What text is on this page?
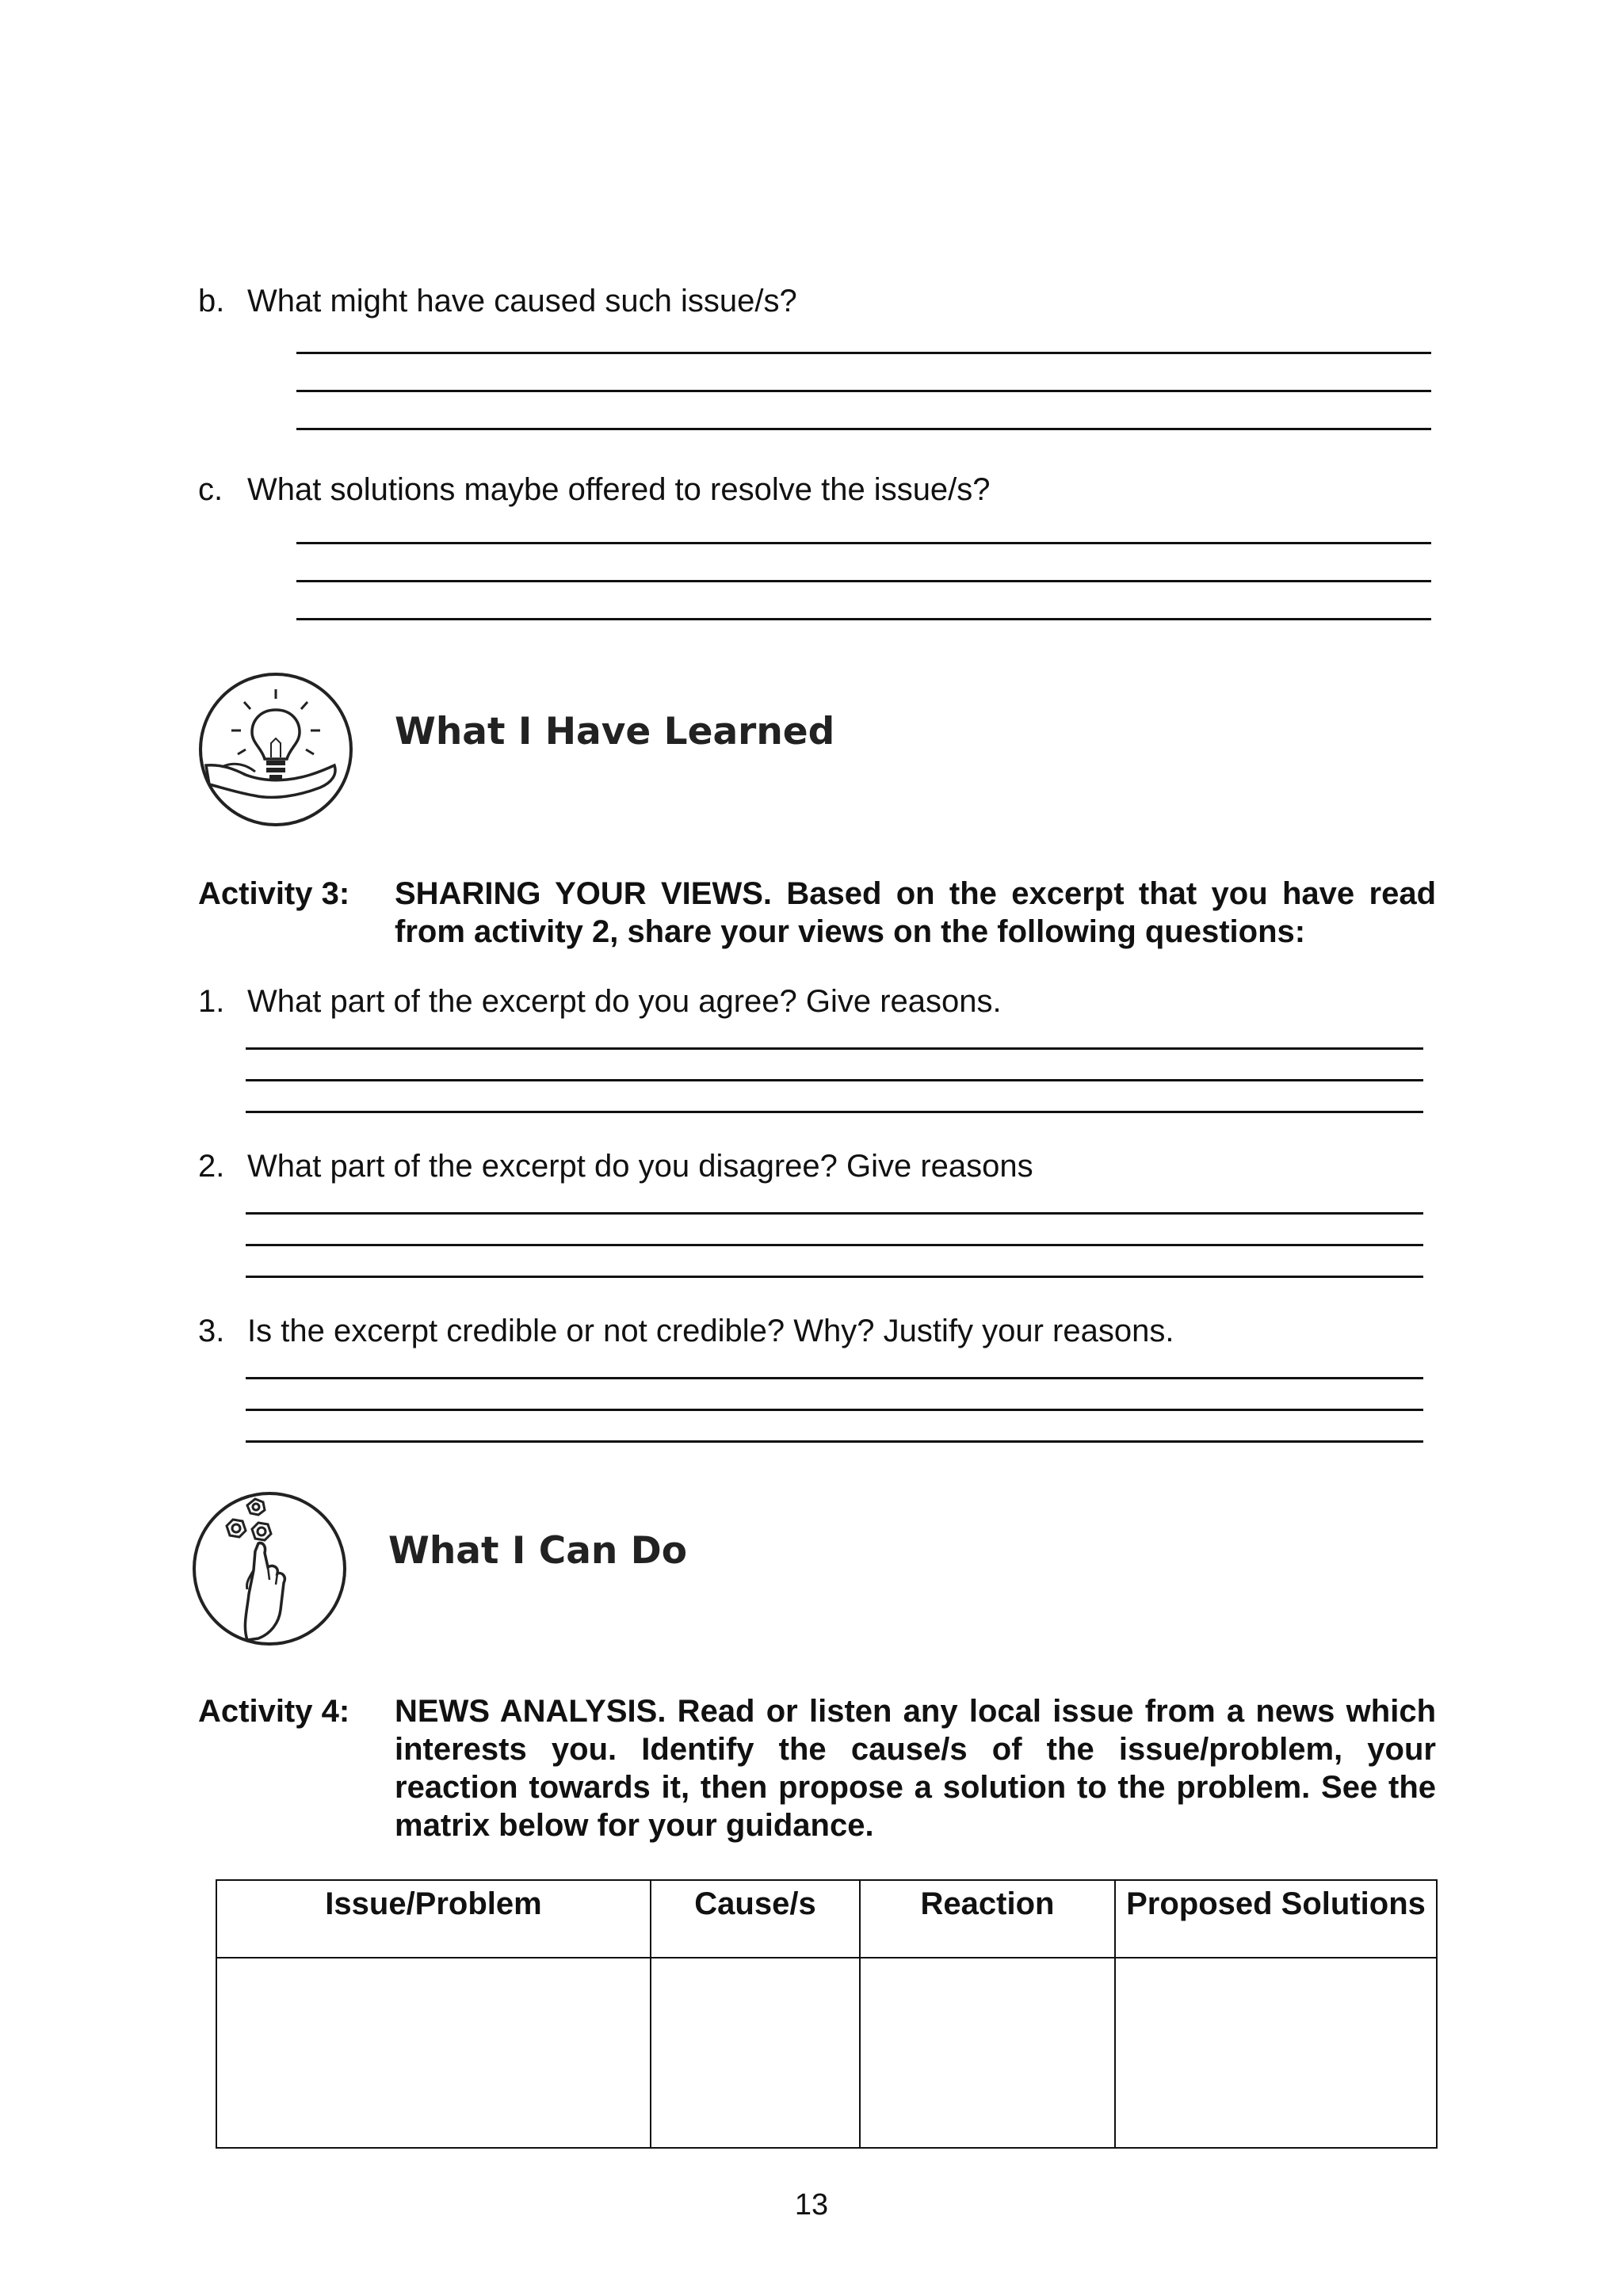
b. What might have caused such issue/s?
c. What solutions maybe offered to resolve the issue/s?
What I Have Learned
Activity 3: SHARING YOUR VIEWS. Based on the excerpt that you have read from activity 2, share your views on the following questions:
1. What part of the excerpt do you agree? Give reasons.
2. What part of the excerpt do you disagree? Give reasons
3. Is the excerpt credible or not credible? Why? Justify your reasons.
What I Can Do
Activity 4: NEWS ANALYSIS. Read or listen any local issue from a news which interests you. Identify the cause/s of the issue/problem, your reaction towards it, then propose a solution to the problem. See the matrix below for your guidance.
Issue/Problem	Cause/s	Reaction	Proposed Solutions

13
